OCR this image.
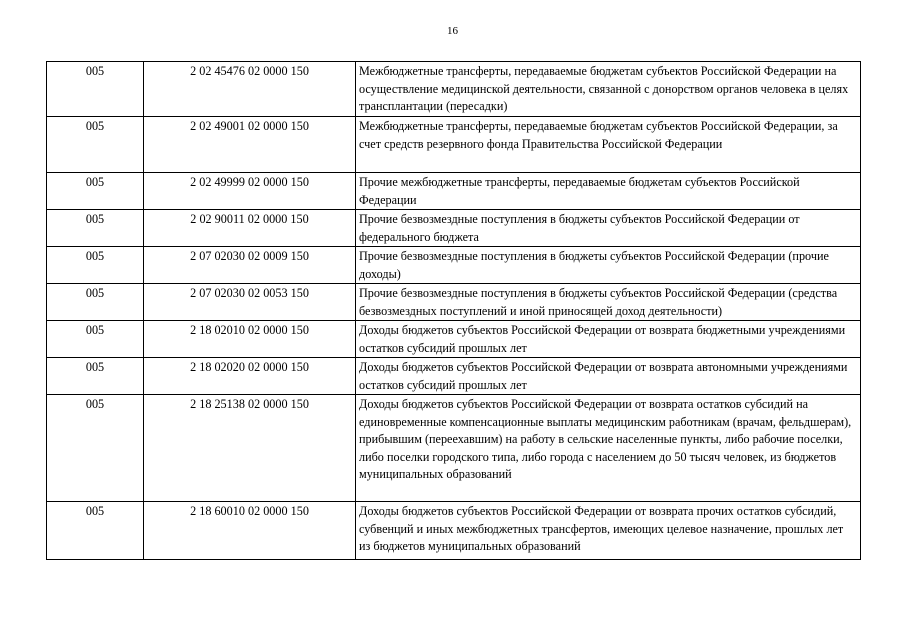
16
005	2 02 45476 02 0000 150	Межбюджетные трансферты, передаваемые бюджетам субъектов Российской Федерации на осуществление медицинской деятельности, связанной с донорством органов человека в целях трансплантации (пересадки)
005	2 02 49001 02 0000 150	Межбюджетные трансферты, передаваемые бюджетам субъектов Российской Федерации, за счет средств резервного фонда Правительства Российской Федерации
005	2 02 49999 02 0000 150	Прочие межбюджетные трансферты, передаваемые бюджетам субъектов Российской Федерации
005	2 02 90011 02 0000 150	Прочие безвозмездные поступления в бюджеты субъектов Российской Федерации от федерального бюджета
005	2 07 02030 02 0009 150	Прочие безвозмездные поступления в бюджеты субъектов Российской Федерации (прочие доходы)
005	2 07 02030 02 0053 150	Прочие безвозмездные поступления в бюджеты субъектов Российской Федерации (средства безвозмездных поступлений и иной приносящей доход деятельности)
005	2 18 02010 02 0000 150	Доходы бюджетов субъектов Российской Федерации от возврата бюджетными учреждениями остатков субсидий прошлых лет
005	2 18 02020 02 0000 150	Доходы бюджетов субъектов Российской Федерации от возврата автономными учреждениями остатков субсидий прошлых лет
005	2 18 25138 02 0000 150	Доходы бюджетов субъектов Российской Федерации от возврата остатков субсидий на единовременные компенсационные выплаты медицинским работникам (врачам, фельдшерам), прибывшим (переехавшим) на работу в сельские населенные пункты, либо рабочие поселки, либо поселки городского типа, либо города с населением до 50 тысяч человек, из бюджетов муниципальных образований
005	2 18 60010 02 0000 150	Доходы бюджетов субъектов Российской Федерации от возврата прочих остатков субсидий, субвенций и иных межбюджетных трансфертов, имеющих целевое назначение, прошлых лет из бюджетов муниципальных образований
